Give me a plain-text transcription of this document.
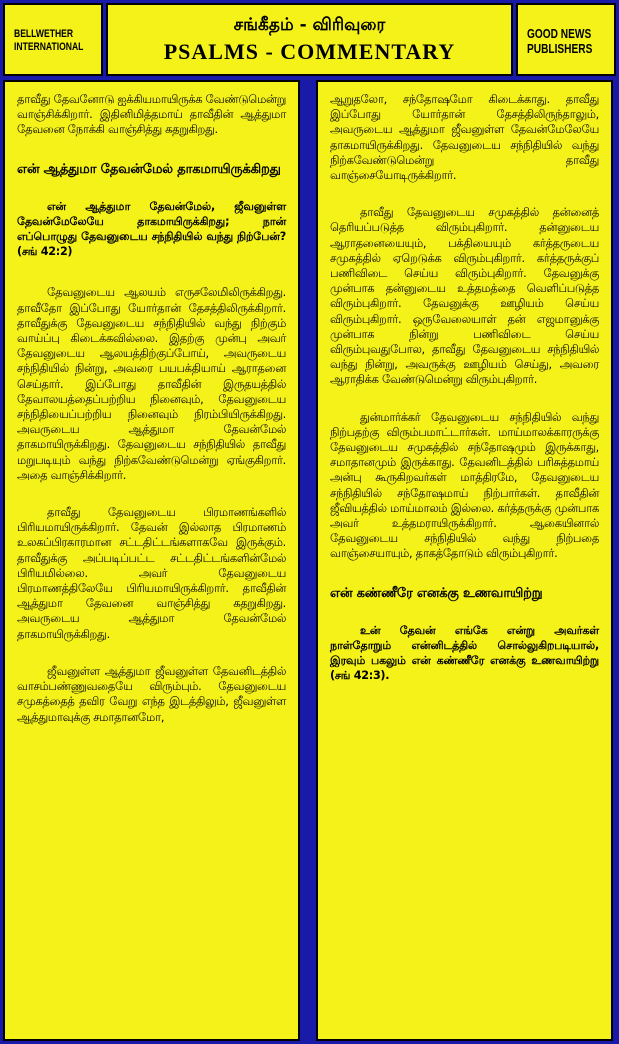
BELLWETHER
INTERNATIONAL
சங்கீதம் - விரிவுரை
PSALMS - COMMENTARY
GOOD NEWS
PUBLISHERS

தாவீது தேவனோடு ஐக்கியமாயிருக்க வேண்டுமென்று வாஞ்சிக்கிறார். இதினிமித்தமாய் தாவீதின் ஆத்துமா தேவனை நோக்கி வாஞ்சித்து கதறுகிறது.

என் ஆத்துமா தேவன்மேல் தாகமாயிருக்கிறது

என் ஆத்துமா தேவன்மேல், ஜீவனுள்ள தேவன்மேலேயே தாகமாயிருக்கிறது; நான் எப்பொழுது தேவனுடைய சந்நிதியில் வந்து நிற்பேன்? (சங் 42:2)

தேவனுடைய ஆலயம் எருசலேமிலிருக்கிறது. தாவீதோ இப்போது யோர்தான் தேசத்திலிருக்கிறார். தாவீதுக்கு தேவனுடைய சந்நிதியில் வந்து நிற்கும் வாய்ப்பு கிடைக்கவில்லை. இதற்கு முன்பு அவர் தேவனுடைய ஆலயத்திற்குப்போய், அவருடைய சந்நிதியில் நின்று, அவரை பயபக்தியாய் ஆராதனை செய்தார். இப்போது தாவீதின் இருதயத்தில் தேவாலயத்தைப்பற்றிய நினைவும், தேவனுடைய சந்நிதியைப்பற்றிய நினைவும் நிரம்பியிருக்கிறது. அவருடைய ஆத்துமா தேவன்மேல் தாகமாயிருக்கிறது. தேவனுடைய சந்நிதியில் தாவீது மறுபடியும் வந்து நிற்கவேண்டுமென்று ஏங்குகிறார். அதை வாஞ்சிக்கிறார்.

தாவீது தேவனுடைய பிரமாணங்களில் பிரியமாயிருக்கிறார். தேவன் இல்லாத பிரமாணம் உலகப்பிரகாரமான சட்டதிட்டங்களாகவே இருக்கும். தாவீதுக்கு அப்படிப்பட்ட சட்டதிட்டங்களின்மேல் பிரியமில்லை. அவர் தேவனுடைய பிரமாணத்திலேயே பிரியமாயிருக்கிறார். தாவீதின் ஆத்துமா தேவனை வாஞ்சித்து கதறுகிறது. அவருடைய ஆத்துமா தேவன்மேல் தாகமாயிருக்கிறது.

ஜீவனுள்ள ஆத்துமா ஜீவனுள்ள தேவனிடத்தில் வாசம்பண்ணுவதையே விரும்பும். தேவனுடைய சமுகத்தைத் தவிர வேறு எந்த இடத்திலும், ஜீவனுள்ள ஆத்துமாவுக்கு சமாதானமோ,

ஆறுதலோ, சந்தோஷமோ கிடைக்காது. தாவீது இப்போது யோர்தான் தேசத்திலிருந்தாலும், அவருடைய ஆத்துமா ஜீவனுள்ள தேவன்மேலேயே தாகமாயிருக்கிறது. தேவனுடைய சந்நிதியில் வந்து நிற்கவேண்டுமென்று தாவீது வாஞ்சையோடிருக்கிறார்.

தாவீது தேவனுடைய சமுகத்தில் தன்னைத் தெரியப்படுத்த விரும்புகிறார். தன்னுடைய ஆராதனையையும், பக்தியையும் கர்த்தருடைய சமுகத்தில் ஏறெடுக்க விரும்புகிறார். கர்த்தருக்குப் பணிவிடை செய்ய விரும்புகிறார். தேவனுக்கு முன்பாக தன்னுடைய உத்தமத்தை வெளிப்படுத்த விரும்புகிறார். தேவனுக்கு ஊழியம் செய்ய விரும்புகிறார். ஒருவேலையாள் தன் எஜமானுக்கு முன்பாக நின்று பணிவிடை செய்ய விரும்புவதுபோல, தாவீது தேவனுடைய சந்நிதியில் வந்து நின்று, அவருக்கு ஊழியம் செய்து, அவரை ஆராதிக்க வேண்டுமென்று விரும்புகிறார்.

துன்மார்க்கர் தேவனுடைய சந்நிதியில் வந்து நிற்பதற்கு விரும்பமாட்டார்கள். மாய்மாலக்காரருக்கு தேவனுடைய சமுகத்தில் சந்தோஷமும் இருக்காது, சமாதானமும் இருக்காது. தேவனிடத்தில் பரிசுத்தமாய் அன்பு கூருகிறவர்கள் மாத்திரமே, தேவனுடைய சந்நிதியில் சந்தோஷமாய் நிற்பார்கள். தாவீதின் ஜீவியத்தில் மாய்மாலம் இல்லை. கர்த்தருக்கு முன்பாக அவர் உத்தமராயிருக்கிறார். ஆகையினால் தேவனுடைய சந்நிதியில் வந்து நிற்பதை வாஞ்சையாயும், தாகத்தோடும் விரும்புகிறார்.

என் கண்ணீரே எனக்கு உணவாயிற்று

உன் தேவன் எங்கே என்று அவர்கள் நாள்தோறும் என்னிடத்தில் சொல்லுகிறபடியால், இரவும் பகலும் என் கண்ணீரே எனக்கு உணவாயிற்று (சங் 42:3).
